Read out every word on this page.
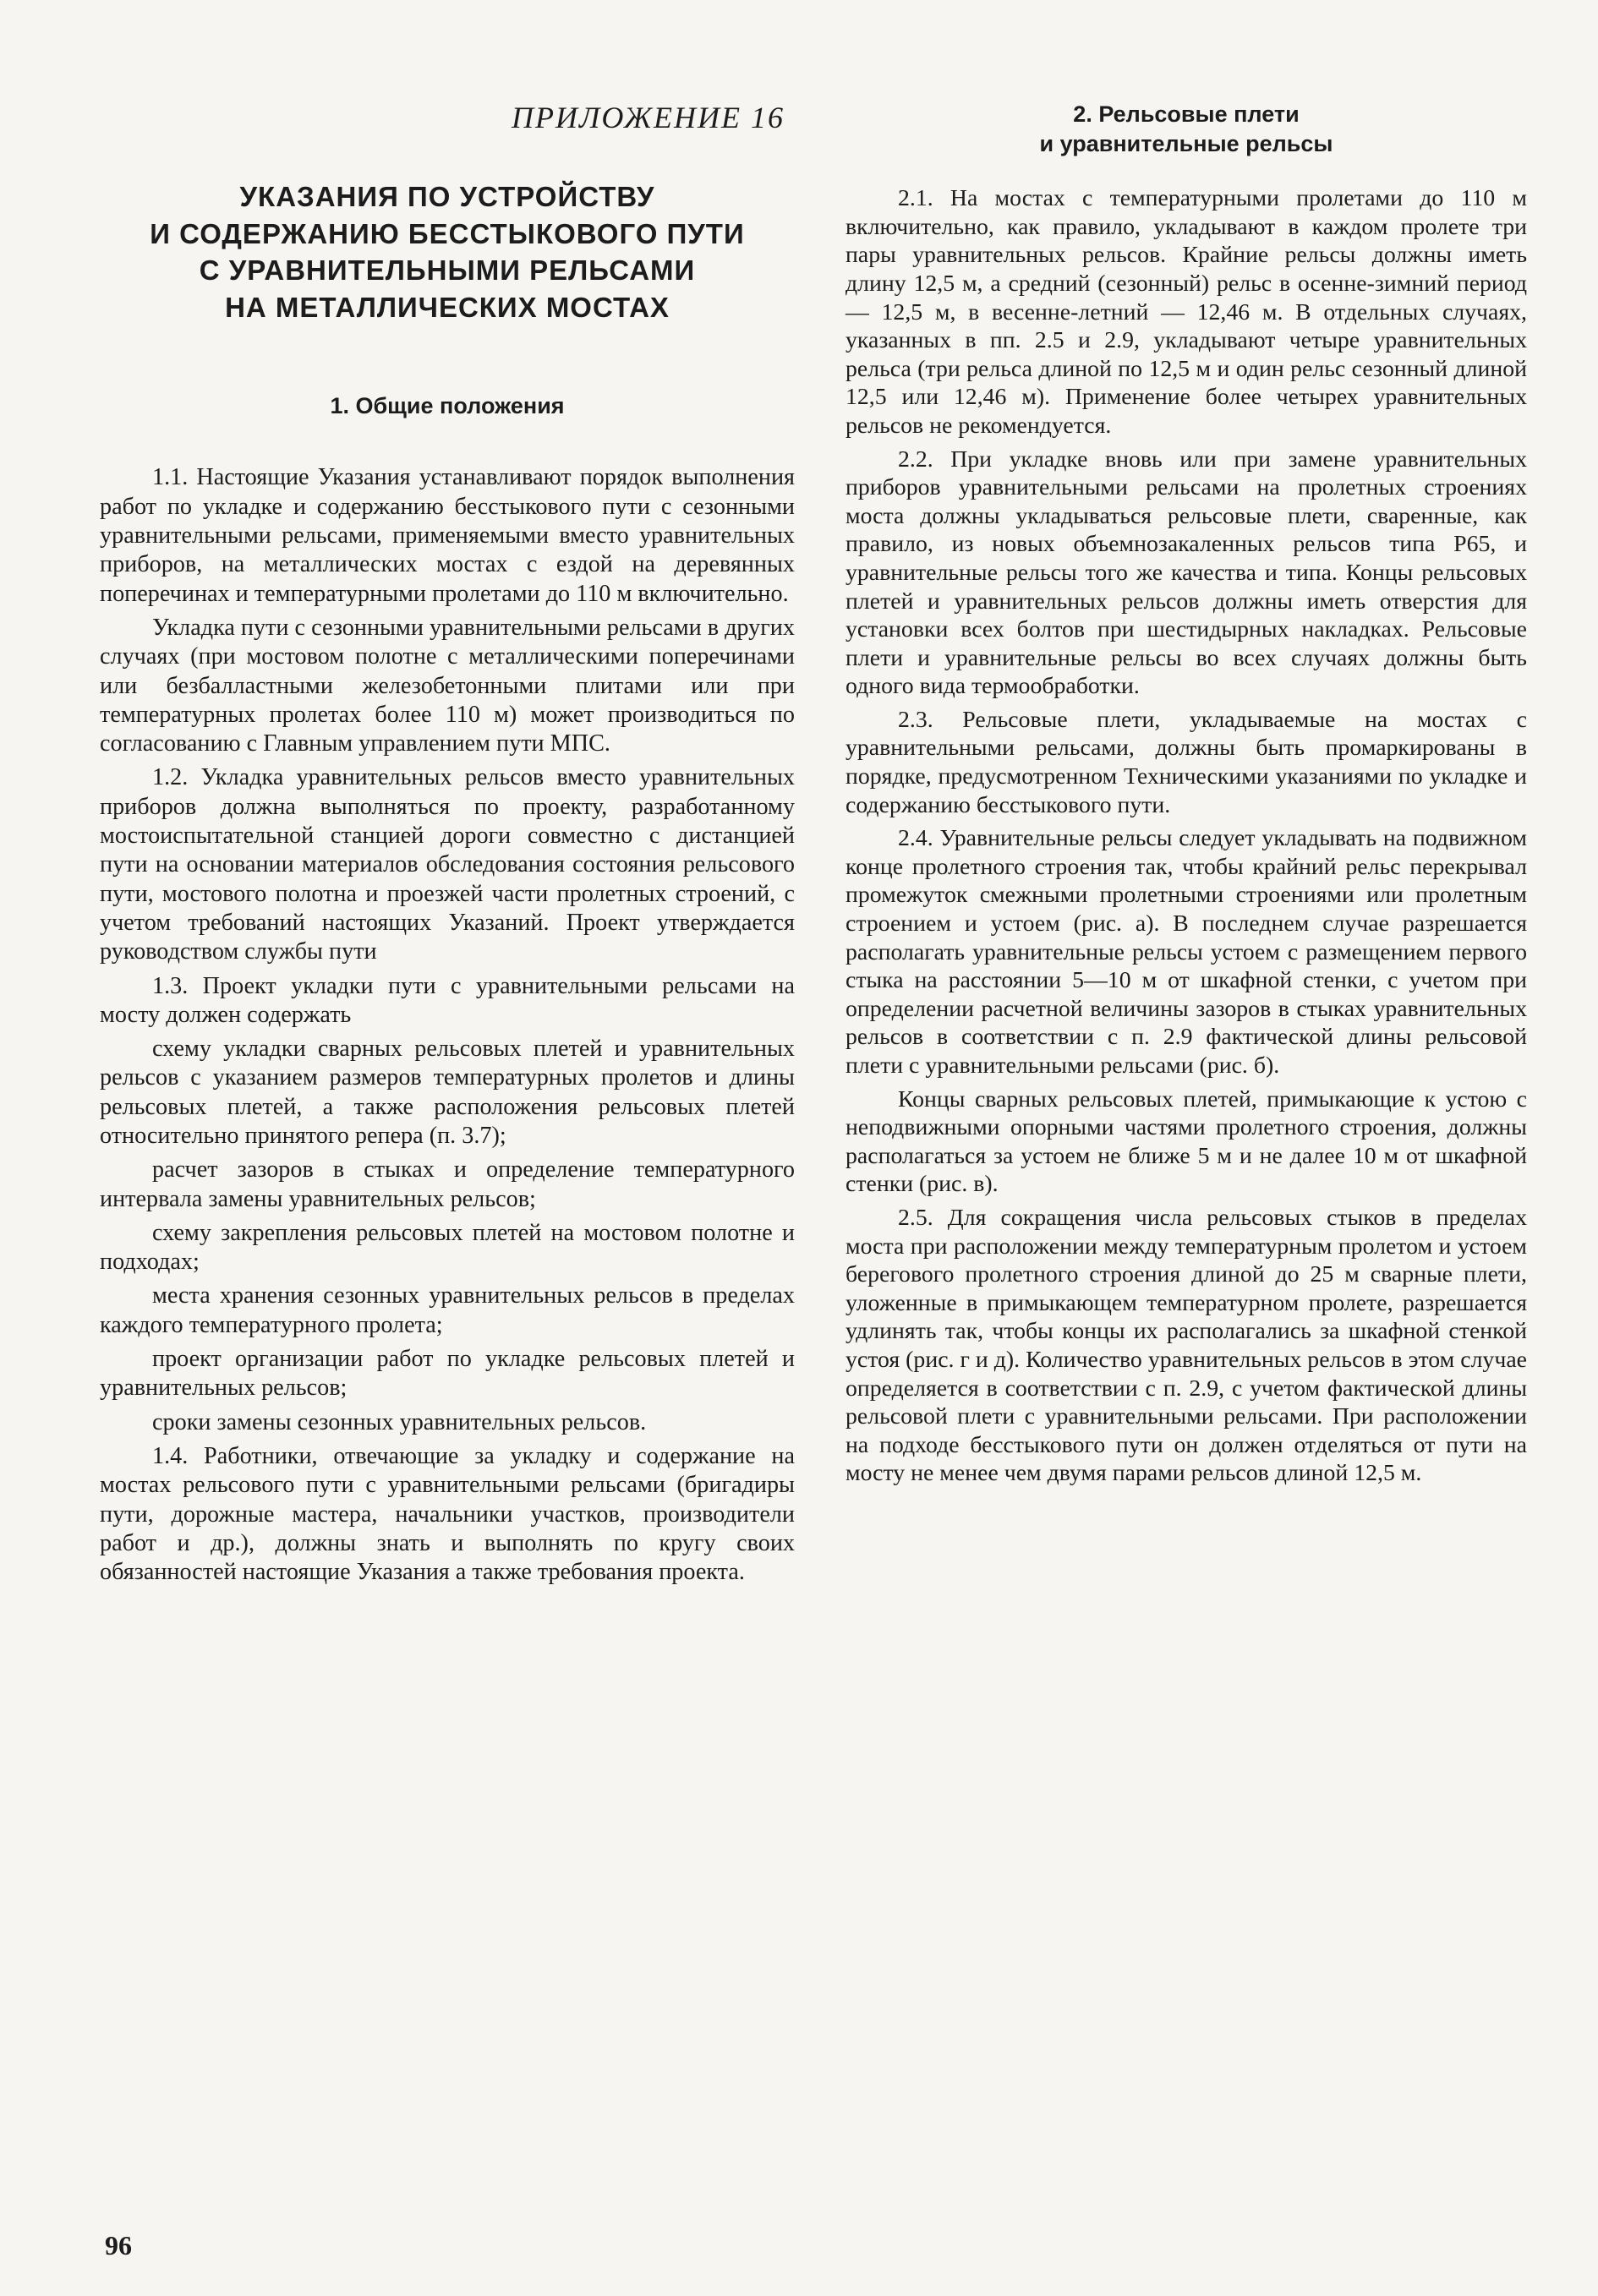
ПРИЛОЖЕНИЕ 16
УКАЗАНИЯ ПО УСТРОЙСТВУ
И СОДЕРЖАНИЮ БЕССТЫКОВОГО ПУТИ
С УРАВНИТЕЛЬНЫМИ РЕЛЬСАМИ
НА МЕТАЛЛИЧЕСКИХ МОСТАХ
1. Общие положения

1.1. Настоящие Указания устанавливают порядок выполнения работ по укладке и содержанию бесстыкового пути с сезонными уравнительными рельсами, применяемыми вместо уравнительных приборов, на металлических мостах с ездой на деревянных поперечинах и температурными пролетами до 110 м включительно.

Укладка пути с сезонными уравнительными рельсами в других случаях (при мостовом полотне с металлическими поперечинами или безбалластными железобетонными плитами или при температурных пролетах более 110 м) может производиться по согласованию с Главным управлением пути МПС.

1.2. Укладка уравнительных рельсов вместо уравнительных приборов должна выполняться по проекту, разработанному мостоиспытательной станцией дороги совместно с дистанцией пути на основании материалов обследования состояния рельсового пути, мостового полотна и проезжей части пролетных строений, с учетом требований настоящих Указаний. Проект утверждается руководством службы пути

1.3. Проект укладки пути с уравнительными рельсами на мосту должен содержать

схему укладки сварных рельсовых плетей и уравнительных рельсов с указанием размеров температурных пролетов и длины рельсовых плетей, а также расположения рельсовых плетей относительно принятого репера (п. 3.7);

расчет зазоров в стыках и определение температурного интервала замены уравнительных рельсов;

схему закрепления рельсовых плетей на мостовом полотне и подходах;

места хранения сезонных уравнительных рельсов в пределах каждого температурного пролета;

проект организации работ по укладке рельсовых плетей и уравнительных рельсов;

сроки замены сезонных уравнительных рельсов.

1.4. Работники, отвечающие за укладку и содержание на мостах рельсового пути с уравнительными рельсами (бригадиры пути, дорожные мастера, начальники участков, производители работ и др.), должны знать и выполнять по кругу своих обязанностей настоящие Указания а также требования проекта.

2. Рельсовые плети
и уравнительные рельсы

2.1. На мостах с температурными пролетами до 110 м включительно, как правило, укладывают в каждом пролете три пары уравнительных рельсов. Крайние рельсы должны иметь длину 12,5 м, а средний (сезонный) рельс в осенне-зимний период — 12,5 м, в весенне-летний — 12,46 м. В отдельных случаях, указанных в пп. 2.5 и 2.9, укладывают четыре уравнительных рельса (три рельса длиной по 12,5 м и один рельс сезонный длиной 12,5 или 12,46 м). Применение более четырех уравнительных рельсов не рекомендуется.

2.2. При укладке вновь или при замене уравнительных приборов уравнительными рельсами на пролетных строениях моста должны укладываться рельсовые плети, сваренные, как правило, из новых объемнозакаленных рельсов типа Р65, и уравнительные рельсы того же качества и типа. Концы рельсовых плетей и уравнительных рельсов должны иметь отверстия для установки всех болтов при шестидырных накладках. Рельсовые плети и уравнительные рельсы во всех случаях должны быть одного вида термообработки.

2.3. Рельсовые плети, укладываемые на мостах с уравнительными рельсами, должны быть промаркированы в порядке, предусмотренном Техническими указаниями по укладке и содержанию бесстыкового пути.

2.4. Уравнительные рельсы следует укладывать на подвижном конце пролетного строения так, чтобы крайний рельс перекрывал промежуток смежными пролетными строениями или пролетным строением и устоем (рис. а). В последнем случае разрешается располагать уравнительные рельсы устоем с размещением первого стыка на расстоянии 5—10 м от шкафной стенки, с учетом при определении расчетной величины зазоров в стыках уравнительных рельсов в соответствии с п. 2.9 фактической длины рельсовой плети с уравнительными рельсами (рис. б).

Концы сварных рельсовых плетей, примыкающие к устою с неподвижными опорными частями пролетного строения, должны располагаться за устоем не ближе 5 м и не далее 10 м от шкафной стенки (рис. в).

2.5. Для сокращения числа рельсовых стыков в пределах моста при расположении между температурным пролетом и устоем берегового пролетного строения длиной до 25 м сварные плети, уложенные в примыкающем температурном пролете, разрешается удлинять так, чтобы концы их располагались за шкафной стенкой устоя (рис. г и д). Количество уравнительных рельсов в этом случае определяется в соответствии с п. 2.9, с учетом фактической длины рельсовой плети с уравнительными рельсами. При расположении на подходе бесстыкового пути он должен отделяться от пути на мосту не менее чем двумя парами рельсов длиной 12,5 м.

96
